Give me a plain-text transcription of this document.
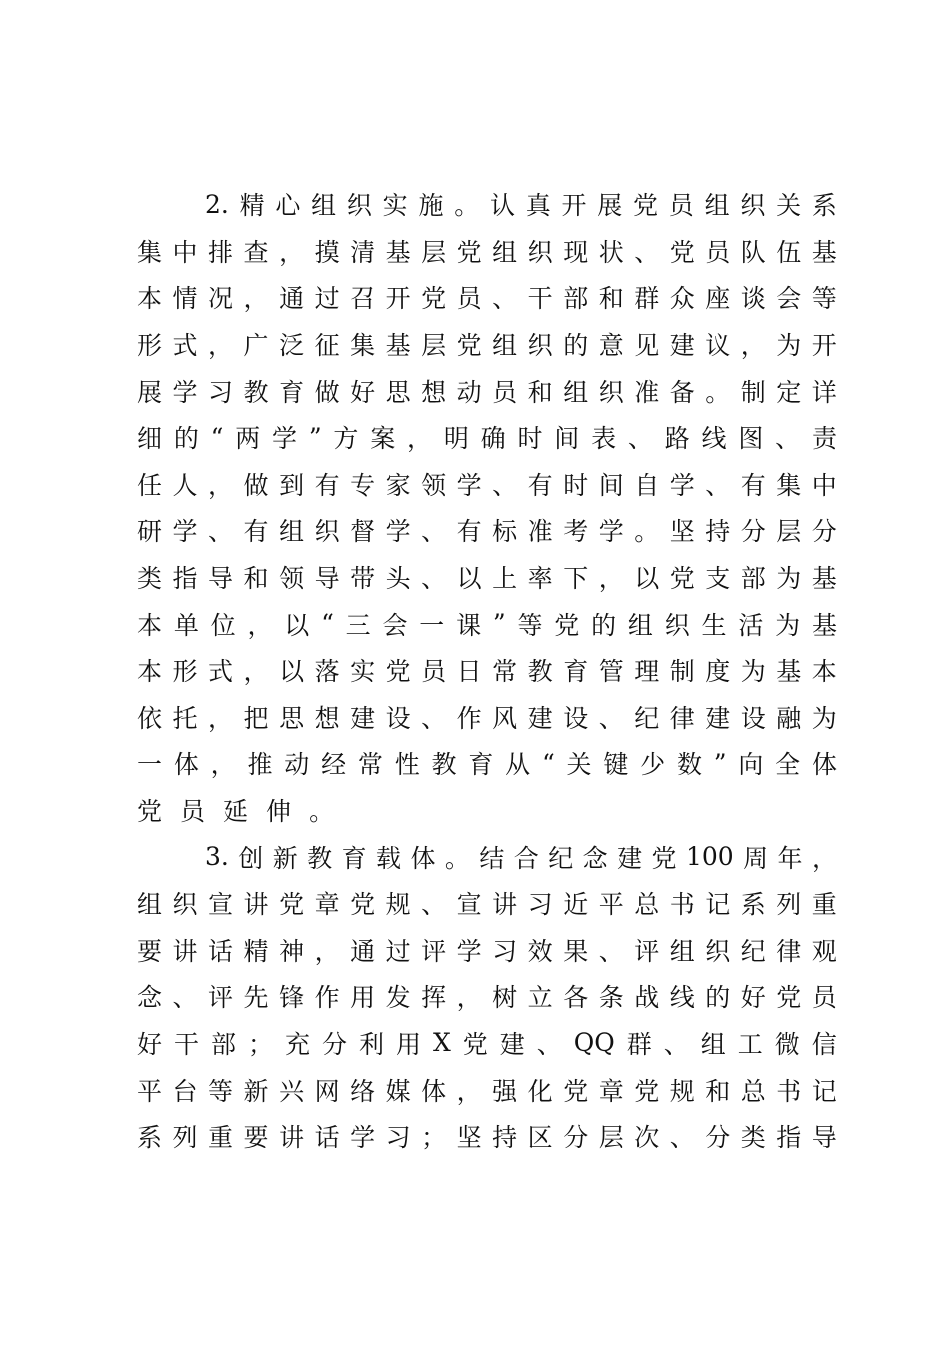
2. 精 心 组 织 实 施 。 认 真 开 展 党 员 组 织 关 系
集 中 排 查 ， 摸 清 基 层 党 组 织 现 状 、 党 员 队 伍 基
本 情 况 ， 通 过 召 开 党 员 、 干 部 和 群 众 座 谈 会 等
形 式 ， 广 泛 征 集 基 层 党 组 织 的 意 见 建 议 ， 为 开
展 学 习 教 育 做 好 思 想 动 员 和 组 织 准 备 。 制 定 详
细 的 “ 两 学 ” 方 案 ， 明 确 时 间 表 、 路 线 图 、 责
任 人 ， 做 到 有 专 家 领 学 、 有 时 间 自 学 、 有 集 中
研 学 、 有 组 织 督 学 、 有 标 准 考 学 。 坚 持 分 层 分
类 指 导 和 领 导 带 头 、 以 上 率 下 ， 以 党 支 部 为 基
本 单 位 ， 以 “ 三 会 一 课 ” 等 党 的 组 织 生 活 为 基
本 形 式 ， 以 落 实 党 员 日 常 教 育 管 理 制 度 为 基 本
依 托 ， 把 思 想 建 设 、 作 风 建 设 、 纪 律 建 设 融 为
一 体 ， 推 动 经 常 性 教 育 从 “ 关 键 少 数 ” 向 全 体
党 员 延 伸 。
3. 创 新 教 育 载 体 。 结 合 纪 念 建 党 100 周 年 ，
组 织 宣 讲 党 章 党 规 、 宣 讲 习 近 平 总 书 记 系 列 重
要 讲 话 精 神 ， 通 过 评 学 习 效 果 、 评 组 织 纪 律 观
念 、 评 先 锋 作 用 发 挥 ， 树 立 各 条 战 线 的 好 党 员
好 干 部 ； 充 分 利 用 X 党 建 、 QQ 群 、 组 工 微 信
平 台 等 新 兴 网 络 媒 体 ， 强 化 党 章 党 规 和 总 书 记
系 列 重 要 讲 话 学 习 ； 坚 持 区 分 层 次 、 分 类 指 导
